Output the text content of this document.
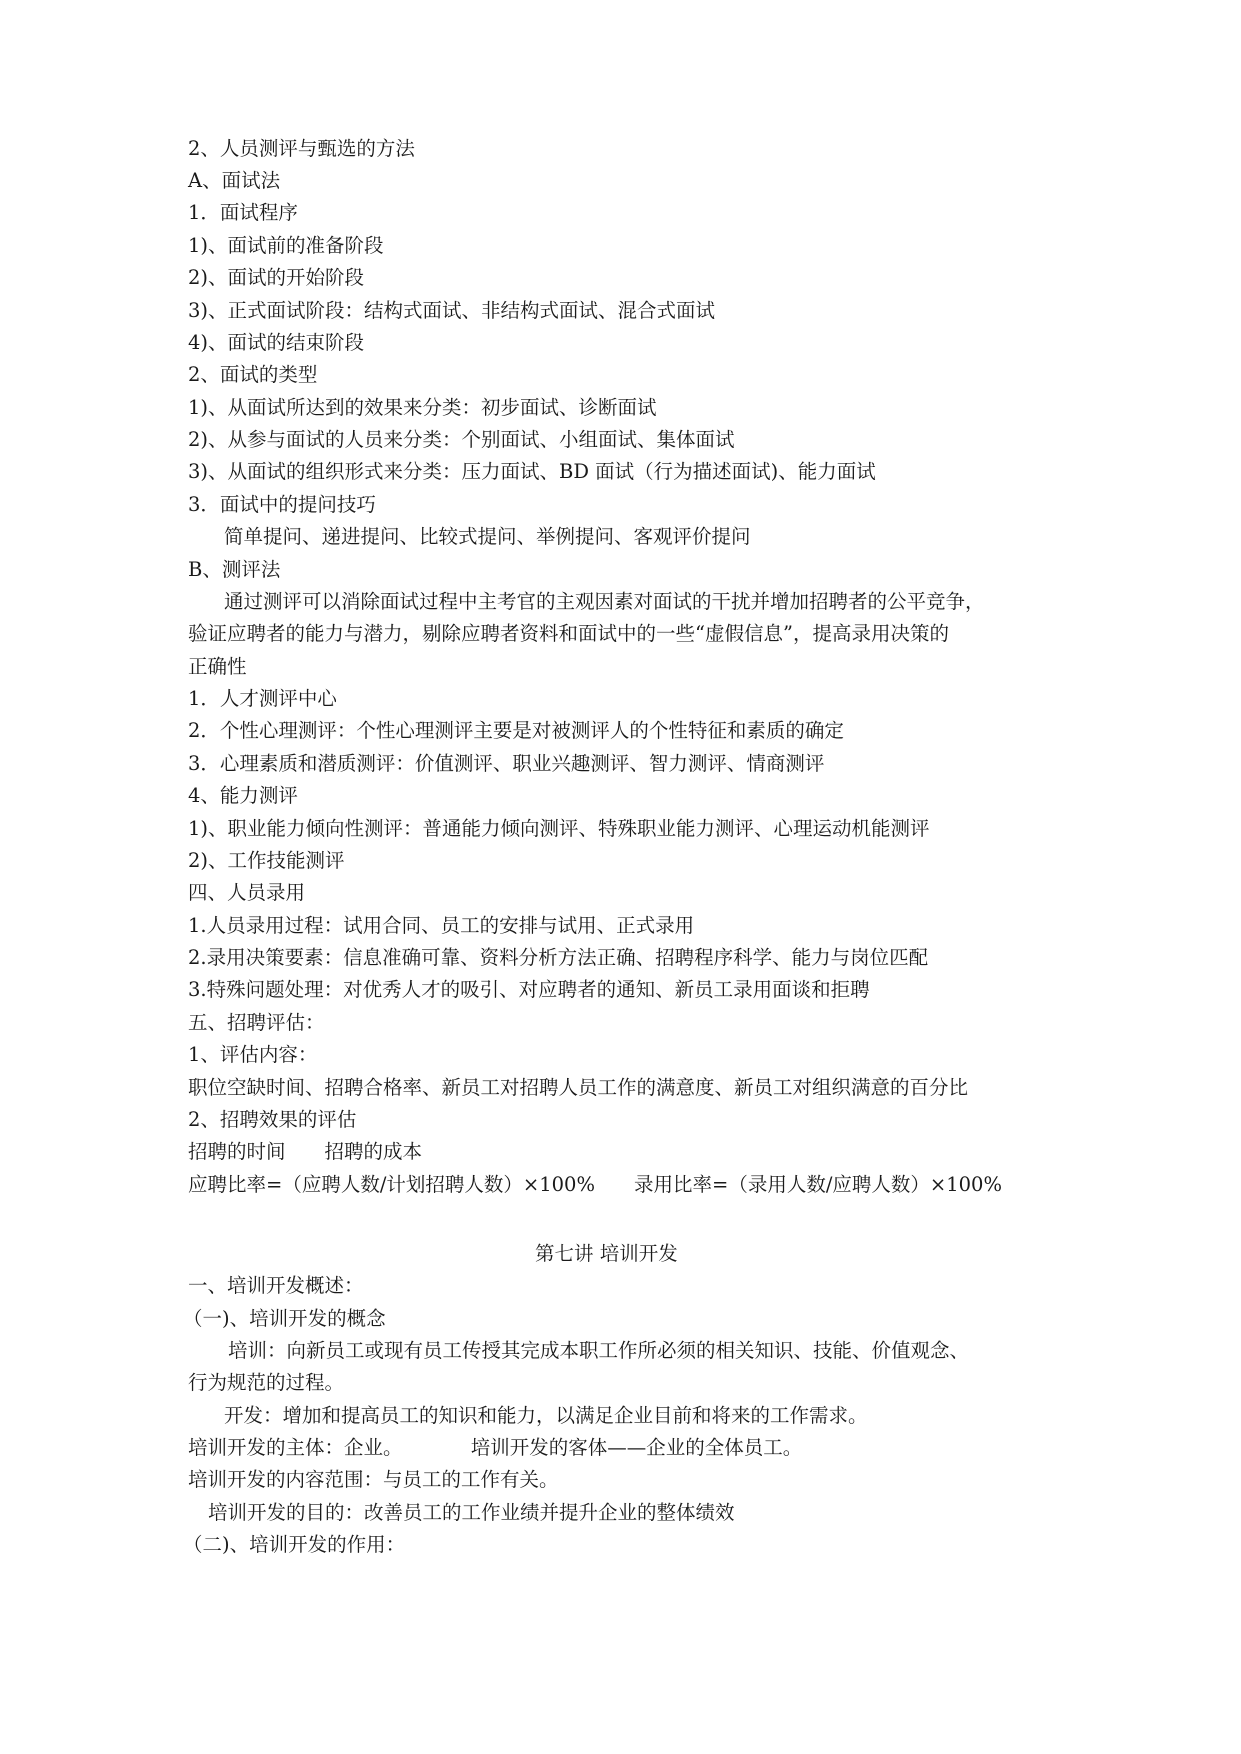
2、人员测评与甄选的方法
A、面试法
1．面试程序
1)、面试前的准备阶段
2)、面试的开始阶段
3)、正式面试阶段：结构式面试、非结构式面试、混合式面试
4)、面试的结束阶段
2、面试的类型
1)、从面试所达到的效果来分类：初步面试、诊断面试
2)、从参与面试的人员来分类：个别面试、小组面试、集体面试
3)、从面试的组织形式来分类：压力面试、BD 面试（行为描述面试)、能力面试
3．面试中的提问技巧
简单提问、递进提问、比较式提问、举例提问、客观评价提问
B、测评法
通过测评可以消除面试过程中主考官的主观因素对面试的干扰并增加招聘者的公平竞争，
验证应聘者的能力与潜力，剔除应聘者资料和面试中的一些“虚假信息”，提高录用决策的
正确性
1．人才测评中心
2．个性心理测评：个性心理测评主要是对被测评人的个性特征和素质的确定
3．心理素质和潜质测评：价值测评、职业兴趣测评、智力测评、情商测评
4、能力测评
1)、职业能力倾向性测评：普通能力倾向测评、特殊职业能力测评、心理运动机能测评
2)、工作技能测评
四、人员录用
1.人员录用过程：试用合同、员工的安排与试用、正式录用
2.录用决策要素：信息准确可靠、资料分析方法正确、招聘程序科学、能力与岗位匹配
3.特殊问题处理：对优秀人才的吸引、对应聘者的通知、新员工录用面谈和拒聘
五、招聘评估：
1、评估内容：
职位空缺时间、招聘合格率、新员工对招聘人员工作的满意度、新员工对组织满意的百分比
2、招聘效果的评估
招聘的时间　　招聘的成本
应聘比率=（应聘人数/计划招聘人数）×100%　　录用比率=（录用人数/应聘人数）×100%
第七讲 培训开发
一、培训开发概述：
（一)、培训开发的概念
培训：向新员工或现有员工传授其完成本职工作所必须的相关知识、技能、价值观念、
行为规范的过程。
开发：增加和提高员工的知识和能力，以满足企业目前和将来的工作需求。
培训开发的主体：企业。　　　　培训开发的客体——企业的全体员工。
培训开发的内容范围：与员工的工作有关。
培训开发的目的：改善员工的工作业绩并提升企业的整体绩效
（二)、培训开发的作用：
